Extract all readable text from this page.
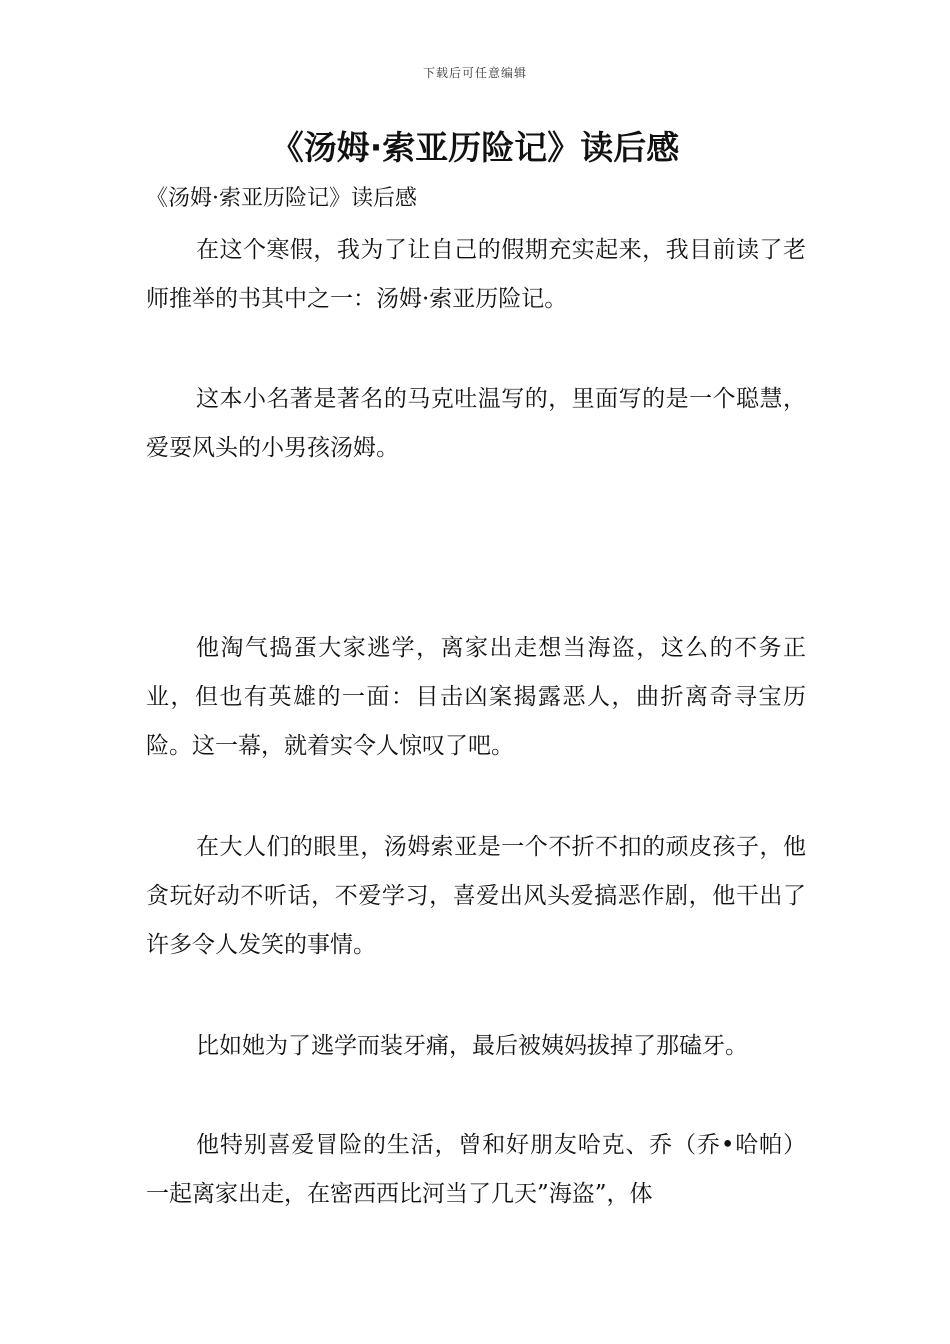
下载后可任意编辑
《汤姆·索亚历险记》读后感
《汤姆·索亚历险记》读后感

在这个寒假，我为了让自己的假期充实起来，我目前读了老师推举的书其中之一：汤姆·索亚历险记。

这本小名著是著名的马克吐温写的，里面写的是一个聪慧，爱耍风头的小男孩汤姆。

他淘气捣蛋大家逃学，离家出走想当海盗，这么的不务正业，但也有英雄的一面：目击凶案揭露恶人，曲折离奇寻宝历险。这一幕，就着实令人惊叹了吧。

在大人们的眼里，汤姆索亚是一个不折不扣的顽皮孩子，他贪玩好动不听话，不爱学习，喜爱出风头爱搞恶作剧，他干出了许多令人发笑的事情。

比如她为了逃学而装牙痛，最后被姨妈拔掉了那磕牙。

他特别喜爱冒险的生活，曾和好朋友哈克、乔（乔•哈帕）一起离家出走，在密西西比河当了几天”海盗”，体
